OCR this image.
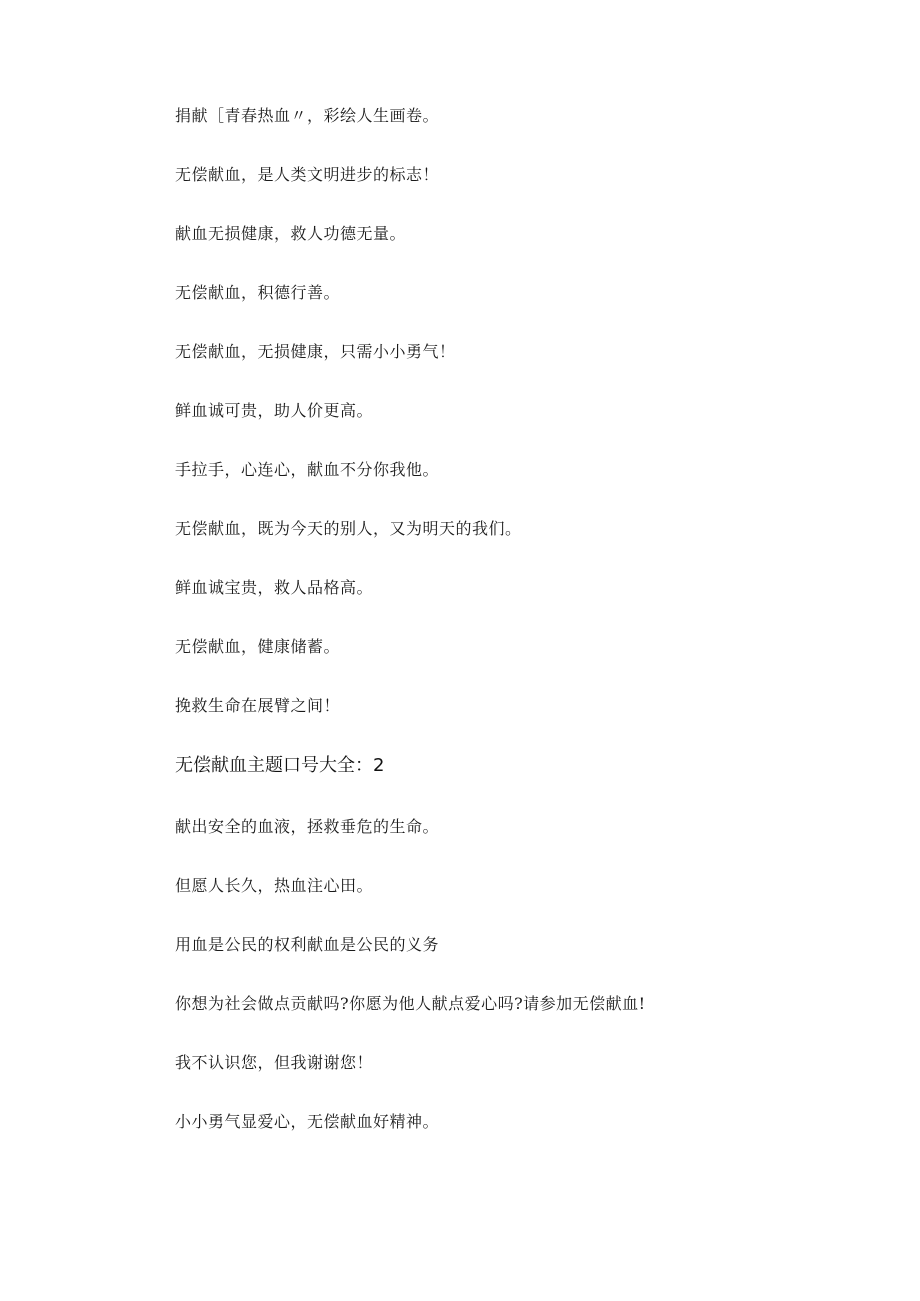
捐献［青春热血〃，彩绘人生画卷。
无偿献血，是人类文明进步的标志！
献血无损健康，救人功德无量。
无偿献血，积德行善。
无偿献血，无损健康，只需小小勇气！
鲜血诚可贵，助人价更高。
手拉手，心连心，献血不分你我他。
无偿献血，既为今天的别人，又为明天的我们。
鲜血诚宝贵，救人品格高。
无偿献血，健康储蓄。
挽救生命在展臂之间！
无偿献血主题口号大全：2
献出安全的血液，拯救垂危的生命。
但愿人长久，热血注心田。
用血是公民的权利献血是公民的义务
你想为社会做点贡献吗?你愿为他人献点爱心吗?请参加无偿献血!
我不认识您，但我谢谢您！
小小勇气显爱心，无偿献血好精神。
